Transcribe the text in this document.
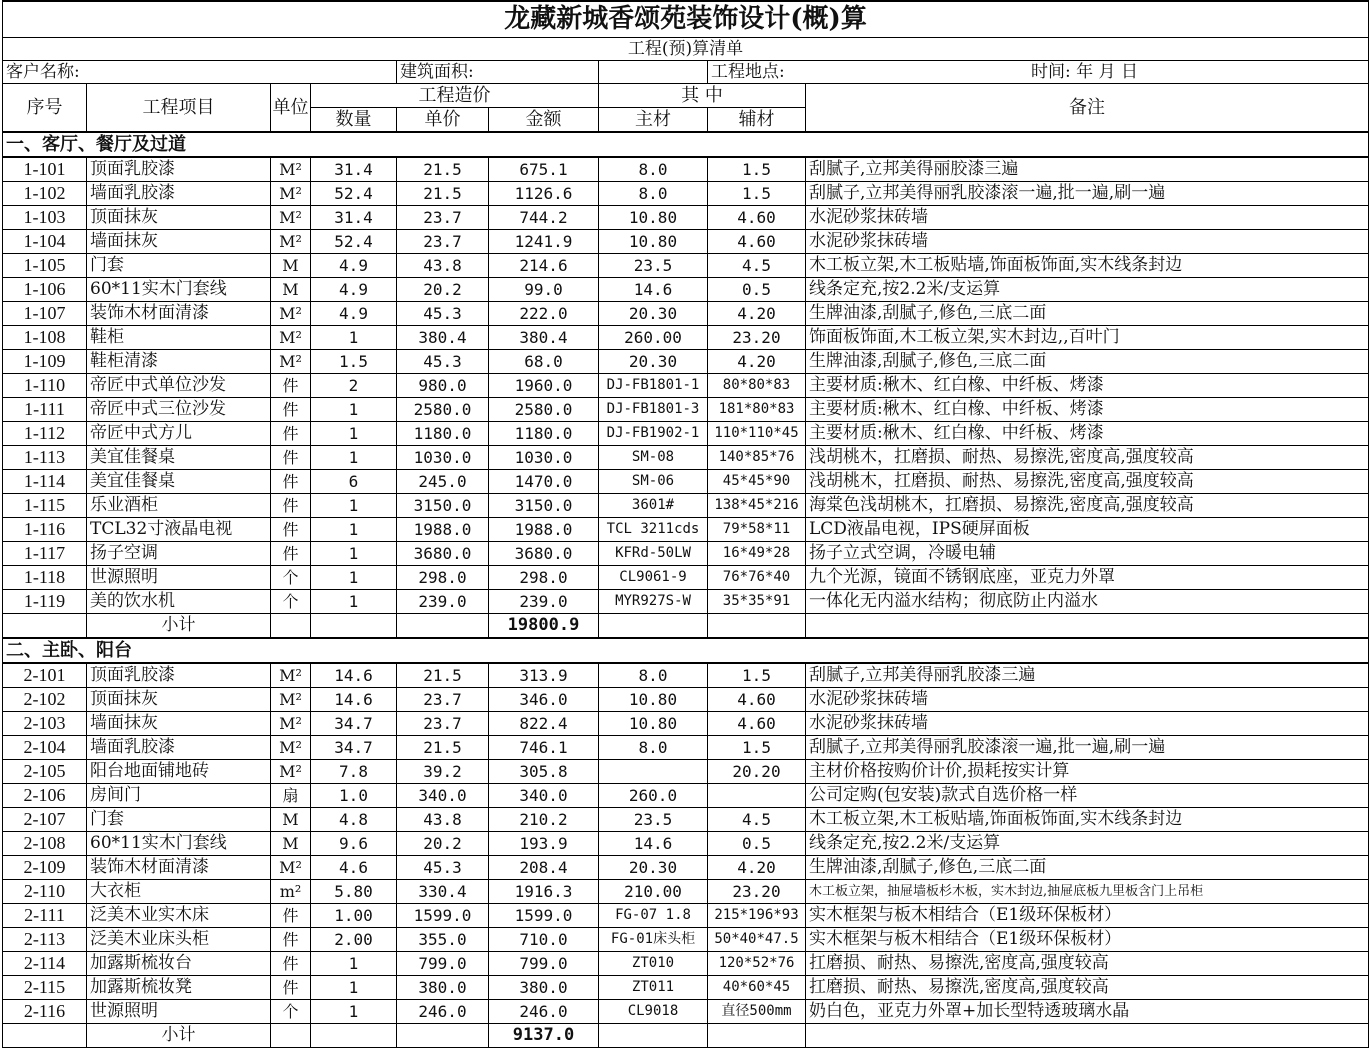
龙藏新城香颂苑装饰设计(概)算								
工程(预)算清单								
客户名称:				建筑面积:			工程地点: 时间: 年 月 日	
序号	工程项目	单位	工程造价			其 中		备注
			数量	单价	金额	主材	辅材	
一、客厅、餐厅及过道								
1-101	顶面乳胶漆	M²	31.4	21.5	675.1	8.0	1.5	刮腻子,立邦美得丽胶漆三遍
1-102	墙面乳胶漆	M²	52.4	21.5	1126.6	8.0	1.5	刮腻子,立邦美得丽乳胶漆滚一遍,批一遍,刷一遍
1-103	顶面抹灰	M²	31.4	23.7	744.2	10.80	4.60	水泥砂浆抹砖墙
1-104	墙面抹灰	M²	52.4	23.7	1241.9	10.80	4.60	水泥砂浆抹砖墙
1-105	门套	M	4.9	43.8	214.6	23.5	4.5	木工板立架,木工板贴墙,饰面板饰面,实木线条封边
1-106	60*11实木门套线	M	4.9	20.2	99.0	14.6	0.5	线条定充,按2.2米/支运算
1-107	装饰木材面清漆	M²	4.9	45.3	222.0	20.30	4.20	生牌油漆,刮腻子,修色,三底二面
1-108	鞋柜	M²	1	380.4	380.4	260.00	23.20	饰面板饰面,木工板立架,实木封边,,百叶门
1-109	鞋柜清漆	M²	1.5	45.3	68.0	20.30	4.20	生牌油漆,刮腻子,修色,三底二面
1-110	帝匠中式单位沙发	件	2	980.0	1960.0	DJ-FB1801-1	80*80*83	主要材质:楸木、红白橡、中纤板、烤漆
1-111	帝匠中式三位沙发	件	1	2580.0	2580.0	DJ-FB1801-3	181*80*83	主要材质:楸木、红白橡、中纤板、烤漆
1-112	帝匠中式方儿	件	1	1180.0	1180.0	DJ-FB1902-1	110*110*45	主要材质:楸木、红白橡、中纤板、烤漆
1-113	美宜佳餐桌	件	1	1030.0	1030.0	SM-08	140*85*76	浅胡桃木，扛磨损、耐热、易擦洗,密度高,强度较高
1-114	美宜佳餐桌	件	6	245.0	1470.0	SM-06	45*45*90	浅胡桃木，扛磨损、耐热、易擦洗,密度高,强度较高
1-115	乐业酒柜	件	1	3150.0	3150.0	3601#	138*45*216	海棠色浅胡桃木，扛磨损、易擦洗,密度高,强度较高
1-116	TCL32寸液晶电视	件	1	1988.0	1988.0	TCL 3211cds	79*58*11	LCD液晶电视，IPS硬屏面板
1-117	扬子空调	件	1	3680.0	3680.0	KFRd-50LW	16*49*28	扬子立式空调，冷暖电辅
1-118	世源照明	个	1	298.0	298.0	CL9061-9	76*76*40	九个光源，镜面不锈钢底座，亚克力外罩
1-119	美的饮水机	个	1	239.0	239.0	MYR927S-W	35*35*91	一体化无内溢水结构；彻底防止内溢水
	小计				19800.9			
二、主卧、阳台								
2-101	顶面乳胶漆	M²	14.6	21.5	313.9	8.0	1.5	刮腻子,立邦美得丽乳胶漆三遍
2-102	顶面抹灰	M²	14.6	23.7	346.0	10.80	4.60	水泥砂浆抹砖墙
2-103	墙面抹灰	M²	34.7	23.7	822.4	10.80	4.60	水泥砂浆抹砖墙
2-104	墙面乳胶漆	M²	34.7	21.5	746.1	8.0	1.5	刮腻子,立邦美得丽乳胶漆滚一遍,批一遍,刷一遍
2-105	阳台地面铺地砖	M²	7.8	39.2	305.8		20.20	主材价格按购价计价,损耗按实计算
2-106	房间门	扇	1.0	340.0	340.0	260.0		公司定购(包安装)款式自选价格一样
2-107	门套	M	4.8	43.8	210.2	23.5	4.5	木工板立架,木工板贴墙,饰面板饰面,实木线条封边
2-108	60*11实木门套线	M	9.6	20.2	193.9	14.6	0.5	线条定充,按2.2米/支运算
2-109	装饰木材面清漆	M²	4.6	45.3	208.4	20.30	4.20	生牌油漆,刮腻子,修色,三底二面
2-110	大衣柜	m²	5.80	330.4	1916.3	210.00	23.20	木工板立架，抽屉墙板杉木板，实木封边,抽屉底板九里板含门上吊柜
2-111	泛美木业实木床	件	1.00	1599.0	1599.0	FG-07 1.8	215*196*93	实木框架与板木相结合（E1级环保板材）
2-113	泛美木业床头柜	件	2.00	355.0	710.0	FG-01床头柜	50*40*47.5	实木框架与板木相结合（E1级环保板材）
2-114	加露斯梳妆台	件	1	799.0	799.0	ZT010	120*52*76	扛磨损、耐热、易擦洗,密度高,强度较高
2-115	加露斯梳妆凳	件	1	380.0	380.0	ZT011	40*60*45	扛磨损、耐热、易擦洗,密度高,强度较高
2-116	世源照明	个	1	246.0	246.0	CL9018	直径500mm	奶白色，亚克力外罩+加长型特透玻璃水晶
	小计				9137.0			
